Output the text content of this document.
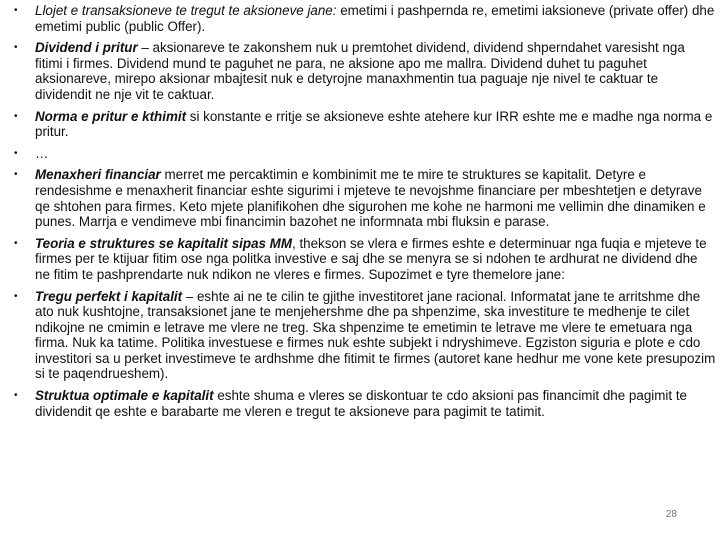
• Llojet e transaksioneve te tregut te aksioneve jane: emetimi i pashpernda re, emetimi iaksioneve (private offer) dhe emetimi public (public Offer).
• Dividend i pritur – aksionareve te zakonshem nuk u premtohet dividend, dividend shperndahet varesisht nga fitimi i firmes. Dividend mund te paguhet ne para, ne aksione apo me mallra. Dividend duhet tu paguhet aksionareve, mirepo aksionar mbajtesit nuk e detyrojne manaxhmentin tua paguaje nje nivel te caktuar te dividendit ne nje vit te caktuar.
• Norma e pritur e kthimit si konstante e rritje se aksioneve eshte atehere kur IRR eshte me e madhe nga norma e pritur.
• …
• Menaxheri financiar merret me percaktimin e kombinimit me te mire te struktures se kapitalit. Detyre e rendesishme e menaxherit financiar eshte sigurimi i mjeteve te nevojshme financiare per mbeshtetjen e detyrave qe shtohen para firmes. Keto mjete planifikohen dhe sigurohen me kohe ne harmoni me vellimin dhe dinamiken e punes. Marrja e vendimeve mbi financimin bazohet ne informnata mbi fluksin e parase.
• Teoria e struktures se kapitalit sipas MM, thekson se vlera e firmes eshte e determinuar nga fuqia e mjeteve te firmes per te ktijuar fitim ose nga politka investive e saj dhe se menyra se si ndohen te ardhurat ne dividend dhe ne fitim te pashprendarte nuk ndikon ne vleres e firmes. Supozimet e tyre themelore jane:
• Tregu perfekt i kapitalit – eshte ai ne te cilin te gjithe investitoret jane racional. Informatat jane te arritshme dhe ato nuk kushtojne, transaksionet jane te menjehershme dhe pa shpenzime, ska investiture te medhenje te cilet ndikojne ne cmimin e letrave me vlere ne treg. Ska shpenzime te emetimin te letrave me vlere te emetuara nga firma. Nuk ka tatime. Politika investuese e firmes nuk eshte subjekt i ndryshimeve. Egziston siguria e plote e cdo investitori sa u perket investimeve te ardhshme dhe fitimit te firmes (autoret kane hedhur me vone kete presupozim si te paqendrueshem).
• Struktua optimale e kapitalit eshte shuma e vleres se diskontuar te cdo aksioni pas financimit dhe pagimit te dividendit qe eshte e barabarte me vleren e tregut te aksioneve para pagimit te tatimit.
28
